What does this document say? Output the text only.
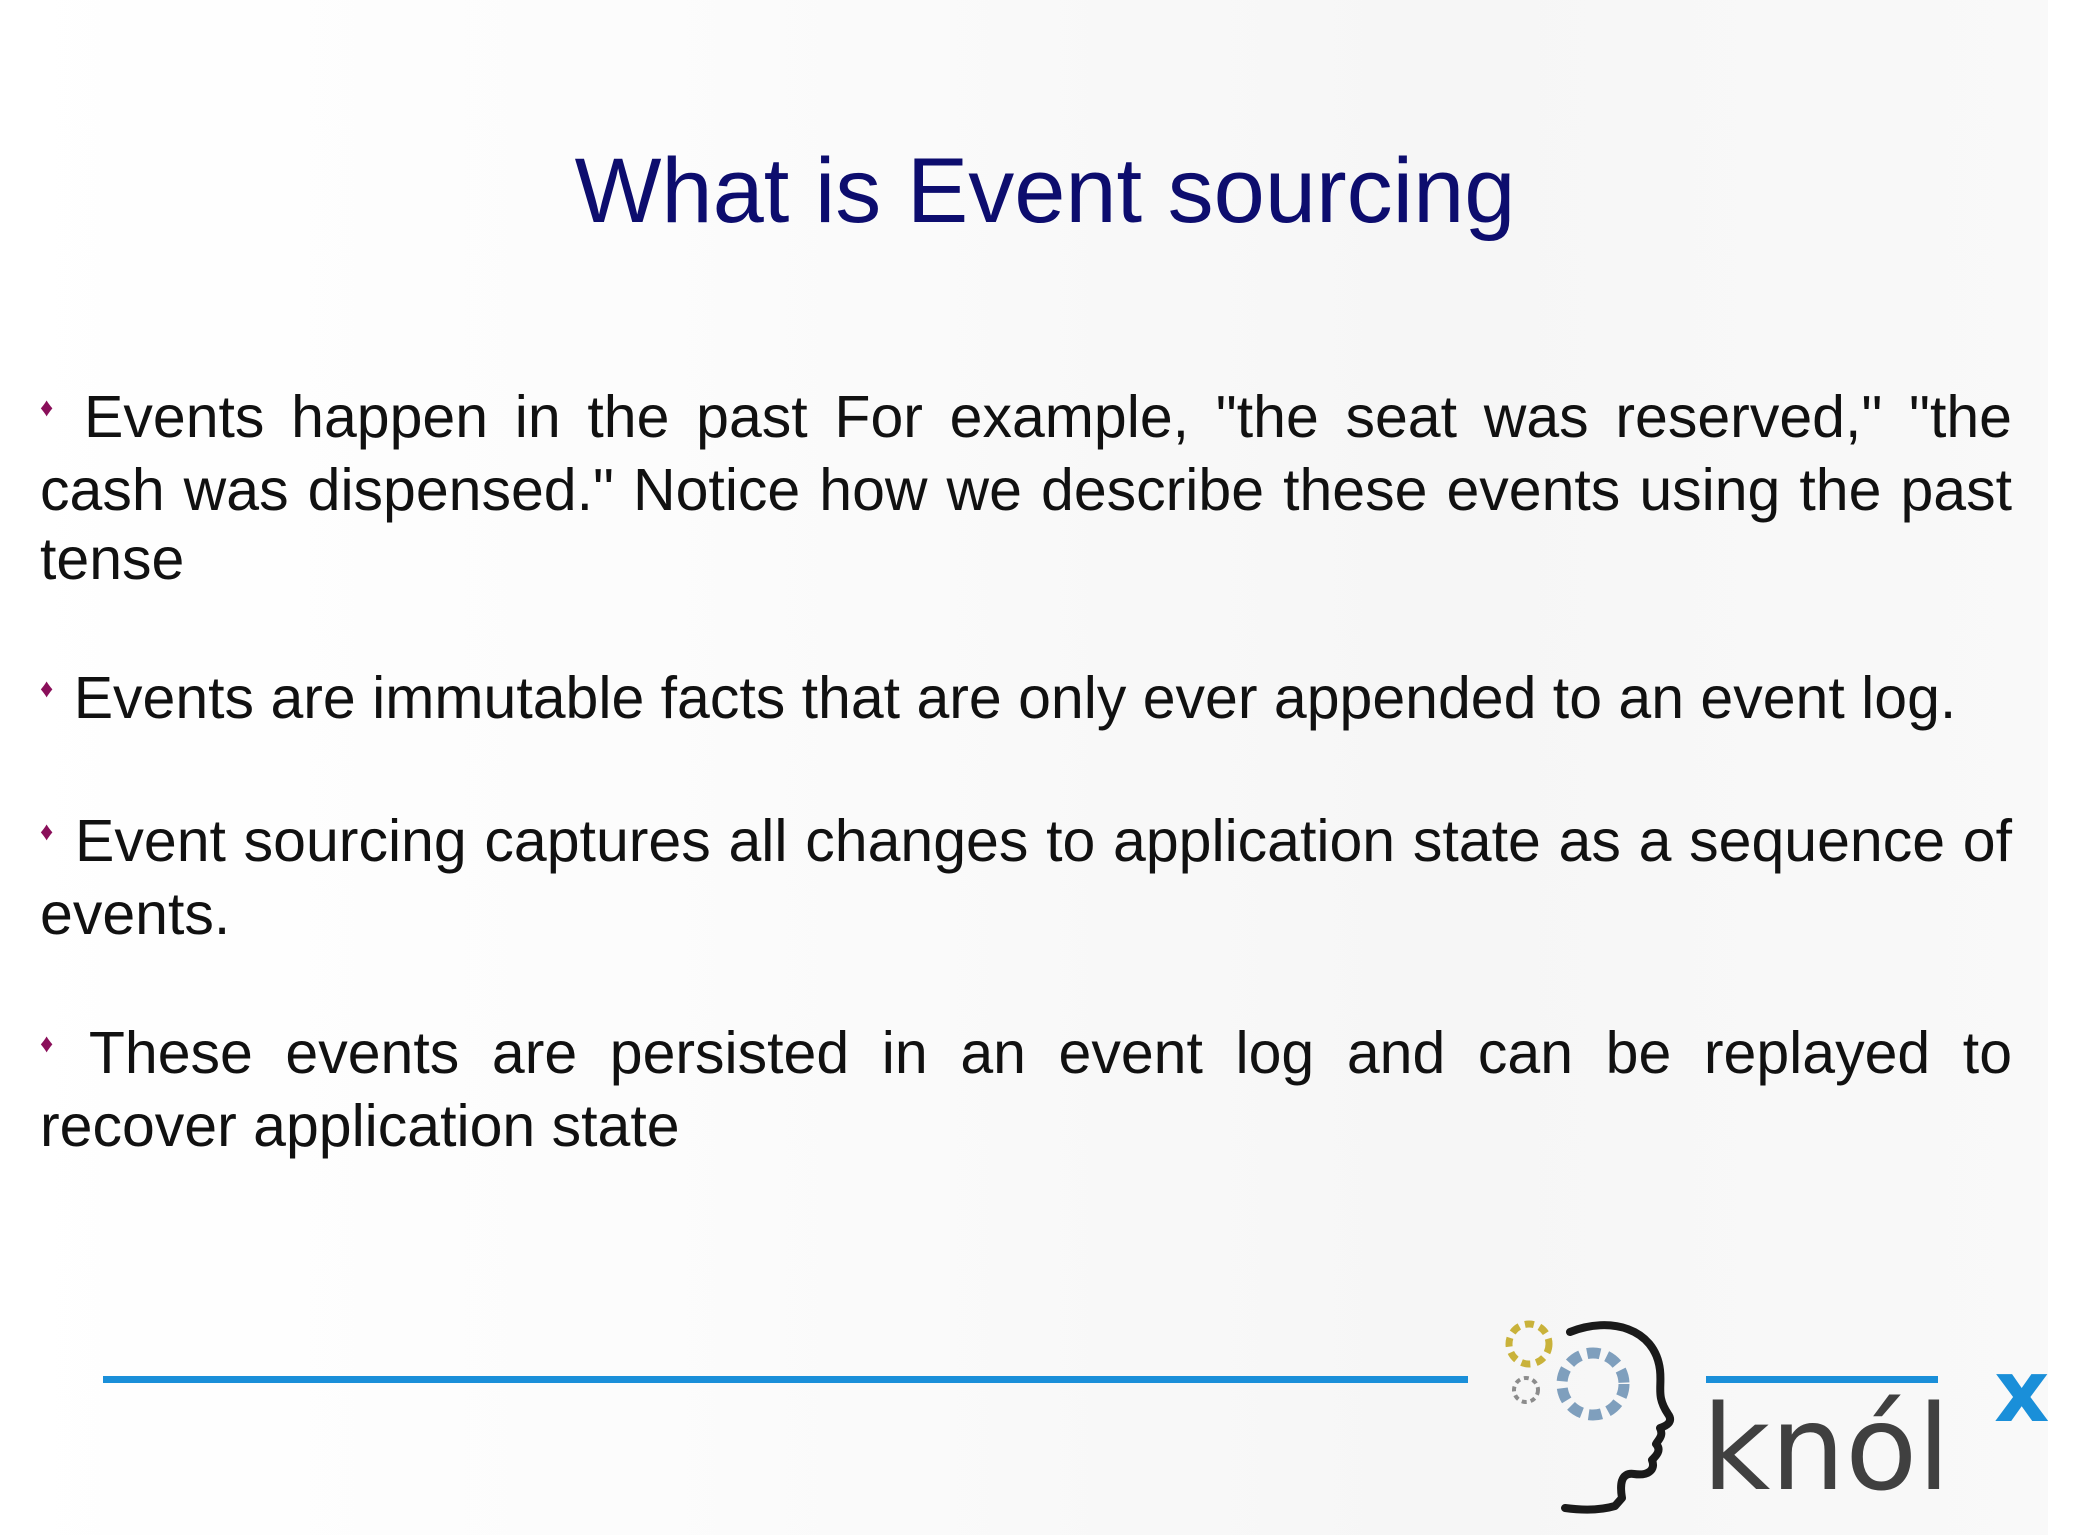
What is Event sourcing
♦ Events happen in the past For example, "the seat was reserved," "the cash was dispensed." Notice how we describe these events using the past tense
♦ Events are immutable facts that are only ever appended to an event log.
♦ Event sourcing captures all changes to application state as a sequence of events.
♦ These events are persisted in an event log and can be replayed to recover application state
knól x
